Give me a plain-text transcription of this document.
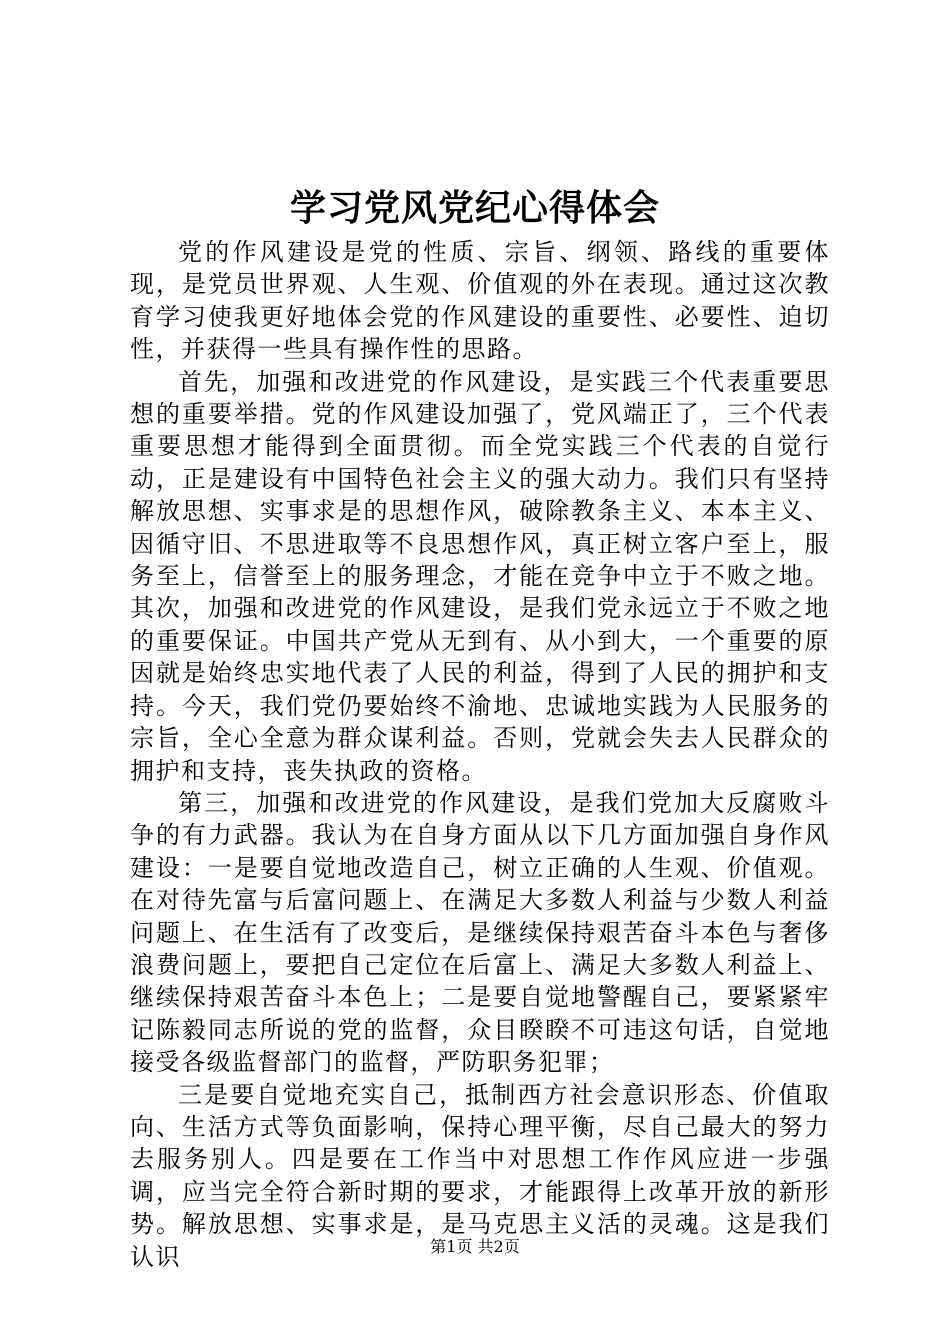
学习党风党纪心得体会

党的作风建设是党的性质、宗旨、纲领、路线的重要体现，是党员世界观、人生观、价值观的外在表现。通过这次教育学习使我更好地体会党的作风建设的重要性、必要性、迫切性，并获得一些具有操作性的思路。

首先，加强和改进党的作风建设，是实践三个代表重要思想的重要举措。党的作风建设加强了，党风端正了，三个代表重要思想才能得到全面贯彻。而全党实践三个代表的自觉行动，正是建设有中国特色社会主义的强大动力。我们只有坚持解放思想、实事求是的思想作风，破除教条主义、本本主义、因循守旧、不思进取等不良思想作风，真正树立客户至上，服务至上，信誉至上的服务理念，才能在竞争中立于不败之地。其次，加强和改进党的作风建设，是我们党永远立于不败之地的重要保证。中国共产党从无到有、从小到大，一个重要的原因就是始终忠实地代表了人民的利益，得到了人民的拥护和支持。今天，我们党仍要始终不渝地、忠诚地实践为人民服务的宗旨，全心全意为群众谋利益。否则，党就会失去人民群众的拥护和支持，丧失执政的资格。

第三，加强和改进党的作风建设，是我们党加大反腐败斗争的有力武器。我认为在自身方面从以下几方面加强自身作风建设：一是要自觉地改造自己，树立正确的人生观、价值观。在对待先富与后富问题上、在满足大多数人利益与少数人利益问题上、在生活有了改变后，是继续保持艰苦奋斗本色与奢侈浪费问题上，要把自己定位在后富上、满足大多数人利益上、继续保持艰苦奋斗本色上；二是要自觉地警醒自己，要紧紧牢记陈毅同志所说的党的监督，众目睽睽不可违这句话，自觉地接受各级监督部门的监督，严防职务犯罪；

三是要自觉地充实自己，抵制西方社会意识形态、价值取向、生活方式等负面影响，保持心理平衡，尽自己最大的努力去服务别人。四是要在工作当中对思想工作作风应进一步强调，应当完全符合新时期的要求，才能跟得上改革开放的新形势。解放思想、实事求是，是马克思主义活的灵魂。这是我们认识	第1页 共2页
